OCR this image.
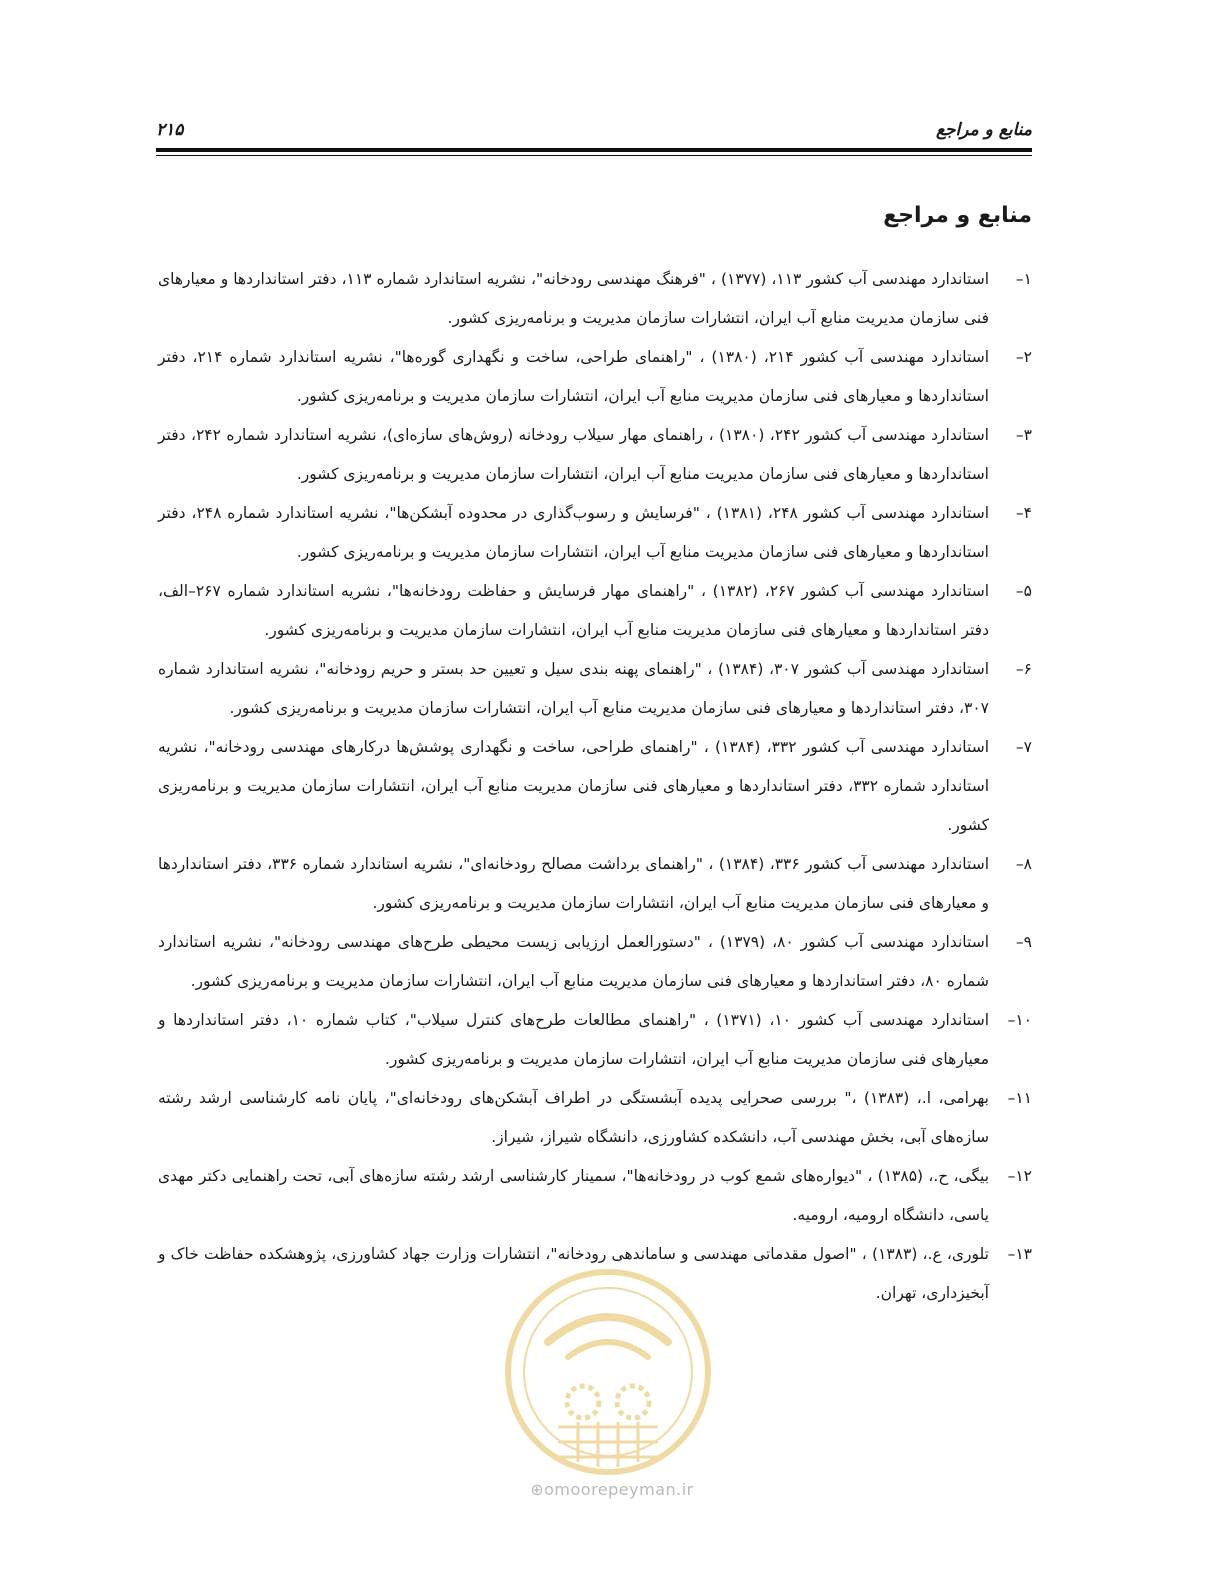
منابع و مراجع
۲۱۵
منابع و مراجع
۱–
استاندارد مهندسی آب کشور ۱۱۳، (۱۳۷۷) ، "فرهنگ مهندسی رودخانه"، نشریه استاندارد شماره ۱۱۳، دفتر استانداردها و معیارهای فنی سازمان مدیریت منابع آب ایران، انتشارات سازمان مدیریت و برنامه‌ریزی کشور.
۲–
استاندارد مهندسی آب کشور ۲۱۴، (۱۳۸۰) ، "راهنمای طراحی، ساخت و نگهداری گوره‌ها"، نشریه استاندارد شماره ۲۱۴، دفتر استانداردها و معیارهای فنی سازمان مدیریت منابع آب ایران، انتشارات سازمان مدیریت و برنامه‌ریزی کشور.
۳–
استاندارد مهندسی آب کشور ۲۴۲، (۱۳۸۰) ، راهنمای مهار سیلاب رودخانه (روش‌های سازه‌ای)، نشریه استاندارد شماره ۲۴۲، دفتر استانداردها و معیارهای فنی سازمان مدیریت منابع آب ایران، انتشارات سازمان مدیریت و برنامه‌ریزی کشور.
۴–
استاندارد مهندسی آب کشور ۲۴۸، (۱۳۸۱) ، "فرسایش و رسوب‌گذاری در محدوده آبشکن‌ها"، نشریه استاندارد شماره ۲۴۸، دفتر استانداردها و معیارهای فنی سازمان مدیریت منابع آب ایران، انتشارات سازمان مدیریت و برنامه‌ریزی کشور.
۵–
استاندارد مهندسی آب کشور ۲۶۷، (۱۳۸۲) ، "راهنمای مهار فرسایش و حفاظت رودخانه‌ها"، نشریه استاندارد شماره ۲۶۷–الف، دفتر استانداردها و معیارهای فنی سازمان مدیریت منابع آب ایران، انتشارات سازمان مدیریت و برنامه‌ریزی کشور.
۶–
استاندارد مهندسی آب کشور ۳۰۷، (۱۳۸۴) ، "راهنمای پهنه بندی سیل و تعیین حد بستر و حریم رودخانه"، نشریه استاندارد شماره ۳۰۷، دفتر استانداردها و معیارهای فنی سازمان مدیریت منابع آب ایران، انتشارات سازمان مدیریت و برنامه‌ریزی کشور.
۷–
استاندارد مهندسی آب کشور ۳۳۲، (۱۳۸۴) ، "راهنمای طراحی، ساخت و نگهداری پوشش‌ها درکارهای مهندسی رودخانه"، نشریه استاندارد شماره ۳۳۲، دفتر استانداردها و معیارهای فنی سازمان مدیریت منابع آب ایران، انتشارات سازمان مدیریت و برنامه‌ریزی کشور.
۸–
استاندارد مهندسی آب کشور ۳۳۶، (۱۳۸۴) ، "راهنمای برداشت مصالح رودخانه‌ای"، نشریه استاندارد شماره ۳۳۶، دفتر استانداردها و معیارهای فنی سازمان مدیریت منابع آب ایران، انتشارات سازمان مدیریت و برنامه‌ریزی کشور.
۹–
استاندارد مهندسی آب کشور ۸۰، (۱۳۷۹) ، "دستورالعمل ارزیابی زیست محیطی طرح‌های مهندسی رودخانه"، نشریه استاندارد شماره ۸۰، دفتر استانداردها و معیارهای فنی سازمان مدیریت منابع آب ایران، انتشارات سازمان مدیریت و برنامه‌ریزی کشور.
۱۰–
استاندارد مهندسی آب کشور ۱۰، (۱۳۷۱) ، "راهنمای مطالعات طرح‌های کنترل سیلاب"، کتاب شماره ۱۰، دفتر استانداردها و معیارهای فنی سازمان مدیریت منابع آب ایران، انتشارات سازمان مدیریت و برنامه‌ریزی کشور.
۱۱–
بهرامی، ا.، (۱۳۸۳) ،" بررسی صحرایی پدیده آبشستگی در اطراف آبشکن‌های رودخانه‌ای"، پایان نامه کارشناسی ارشد رشته سازه‌های آبی، بخش مهندسی آب، دانشکده کشاورزی، دانشگاه شیراز، شیراز.
۱۲–
بیگی، ح.، (۱۳۸۵) ، "دیواره‌های شمع کوب در رودخانه‌ها"، سمینار کارشناسی ارشد رشته سازه‌های آبی، تحت راهنمایی دکتر مهدی یاسی، دانشگاه ارومیه، ارومیه.
۱۳–
تلوری، ع.، (۱۳۸۳) ، "اصول مقدماتی مهندسی و ساماندهی رودخانه"، انتشارات وزارت جهاد کشاورزی، پژوهشکده حفاظت خاک و آبخیزداری، تهران.
⊕omoorepeyman.ir
